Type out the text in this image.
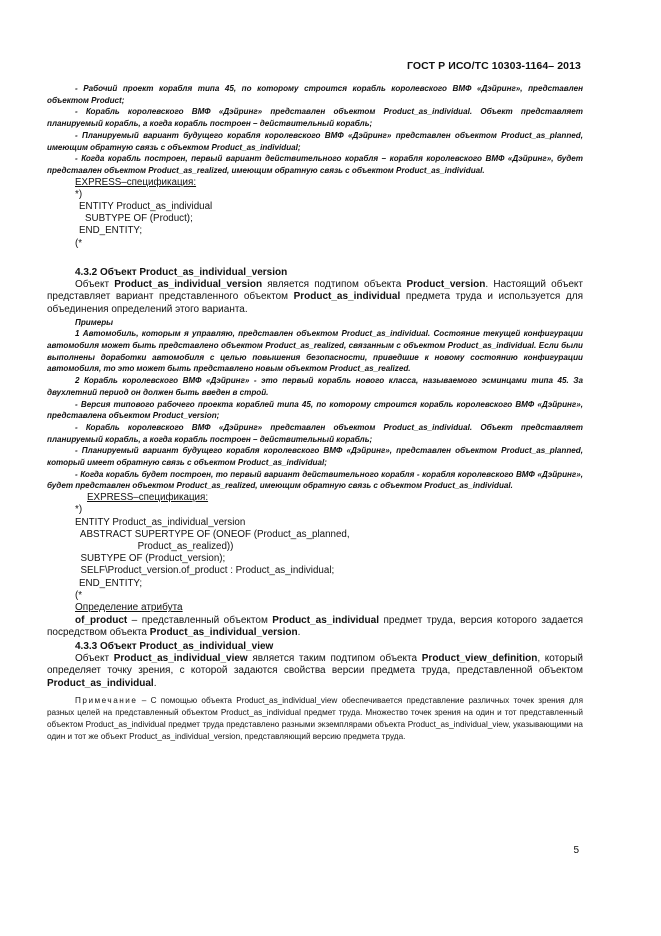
ГОСТ Р ИСО/ТС 10303-1164– 2013

- Рабочий проект корабля типа 45, по которому строится корабль королевского ВМФ «Дэйринг», представлен объектом Product;

- Корабль королевского ВМФ «Дэйринг» представлен объектом Product_as_individual. Объект представляет планируемый корабль, а когда корабль построен – действительный корабль;

- Планируемый вариант будущего корабля королевского ВМФ «Дэйринг» представлен объектом Product_as_planned, имеющим обратную связь с объектом Product_as_individual;

- Когда корабль построен, первый вариант действительного корабля – корабля королевского ВМФ «Дэйринг», будет представлен объектом Product_as_realized, имеющим обратную связь с объектом Product_as_individual.

EXPRESS–спецификация:

*)

ENTITY Product_as_individual

SUBTYPE OF (Product);

END_ENTITY;

(*

4.3.2 Объект Product_as_individual_version

Объект Product_as_individual_version является подтипом объекта Product_version. Настоящий объект представляет вариант представленного объектом Product_as_individual предмета труда и используется для объединения определений этого варианта.

Примеры

1 Автомобиль, которым я управляю, представлен объектом Product_as_individual. Состояние текущей конфигурации автомобиля может быть представлено объектом Product_as_realized, связанным с объектом Product_as_individual. Если были выполнены доработки автомобиля с целью повышения безопасности, приведшие к новому состоянию конфигурации автомобиля, то это может быть представлено новым объектом Product_as_realized.

2 Корабль королевского ВМФ «Дэйринг» - это первый корабль нового класса, называемого эсминцами типа 45. За двухлетний период он должен быть введен в строй.

- Версия типового рабочего проекта кораблей типа 45, по которому строится корабль королевского ВМФ «Дэйринг», представлена объектом Product_version;

- Корабль королевского ВМФ «Дэйринг» представлен объектом Product_as_individual. Объект представляет планируемый корабль, а когда корабль построен – действительный корабль;

- Планируемый вариант будущего корабля королевского ВМФ «Дэйринг», представлен объектом Product_as_planned, который имеет обратную связь с объектом Product_as_individual;

- Когда корабль будет построен, то первый вариант действительного корабля - корабля королевского ВМФ «Дэйринг», будет представлен объектом Product_as_realized, имеющим обратную связь с объектом Product_as_individual.

EXPRESS–спецификация:

*)

ENTITY Product_as_individual_version

ABSTRACT SUPERTYPE OF (ONEOF (Product_as_planned,

Product_as_realized))

SUBTYPE OF (Product_version);

SELF\Product_version.of_product : Product_as_individual;

END_ENTITY;

(*

Определение атрибута

of_product – представленный объектом Product_as_individual предмет труда, версия которого задается посредством объекта Product_as_individual_version.

4.3.3 Объект Product_as_individual_view

Объект Product_as_individual_view является таким подтипом объекта Product_view_definition, который определяет точку зрения, с которой задаются свойства версии предмета труда, представленной объектом Product_as_individual.

Примечание – С помощью объекта Product_as_individual_view обеспечивается представление различных точек зрения для разных целей на представленный объектом Product_as_individual предмет труда. Множество точек зрения на один и тот представленный объектом Product_as_individual предмет труда представлено разными экземплярами объекта Product_as_individual_view, указывающими на один и тот же объект Product_as_individual_version, представляющий версию предмета труда.

5
